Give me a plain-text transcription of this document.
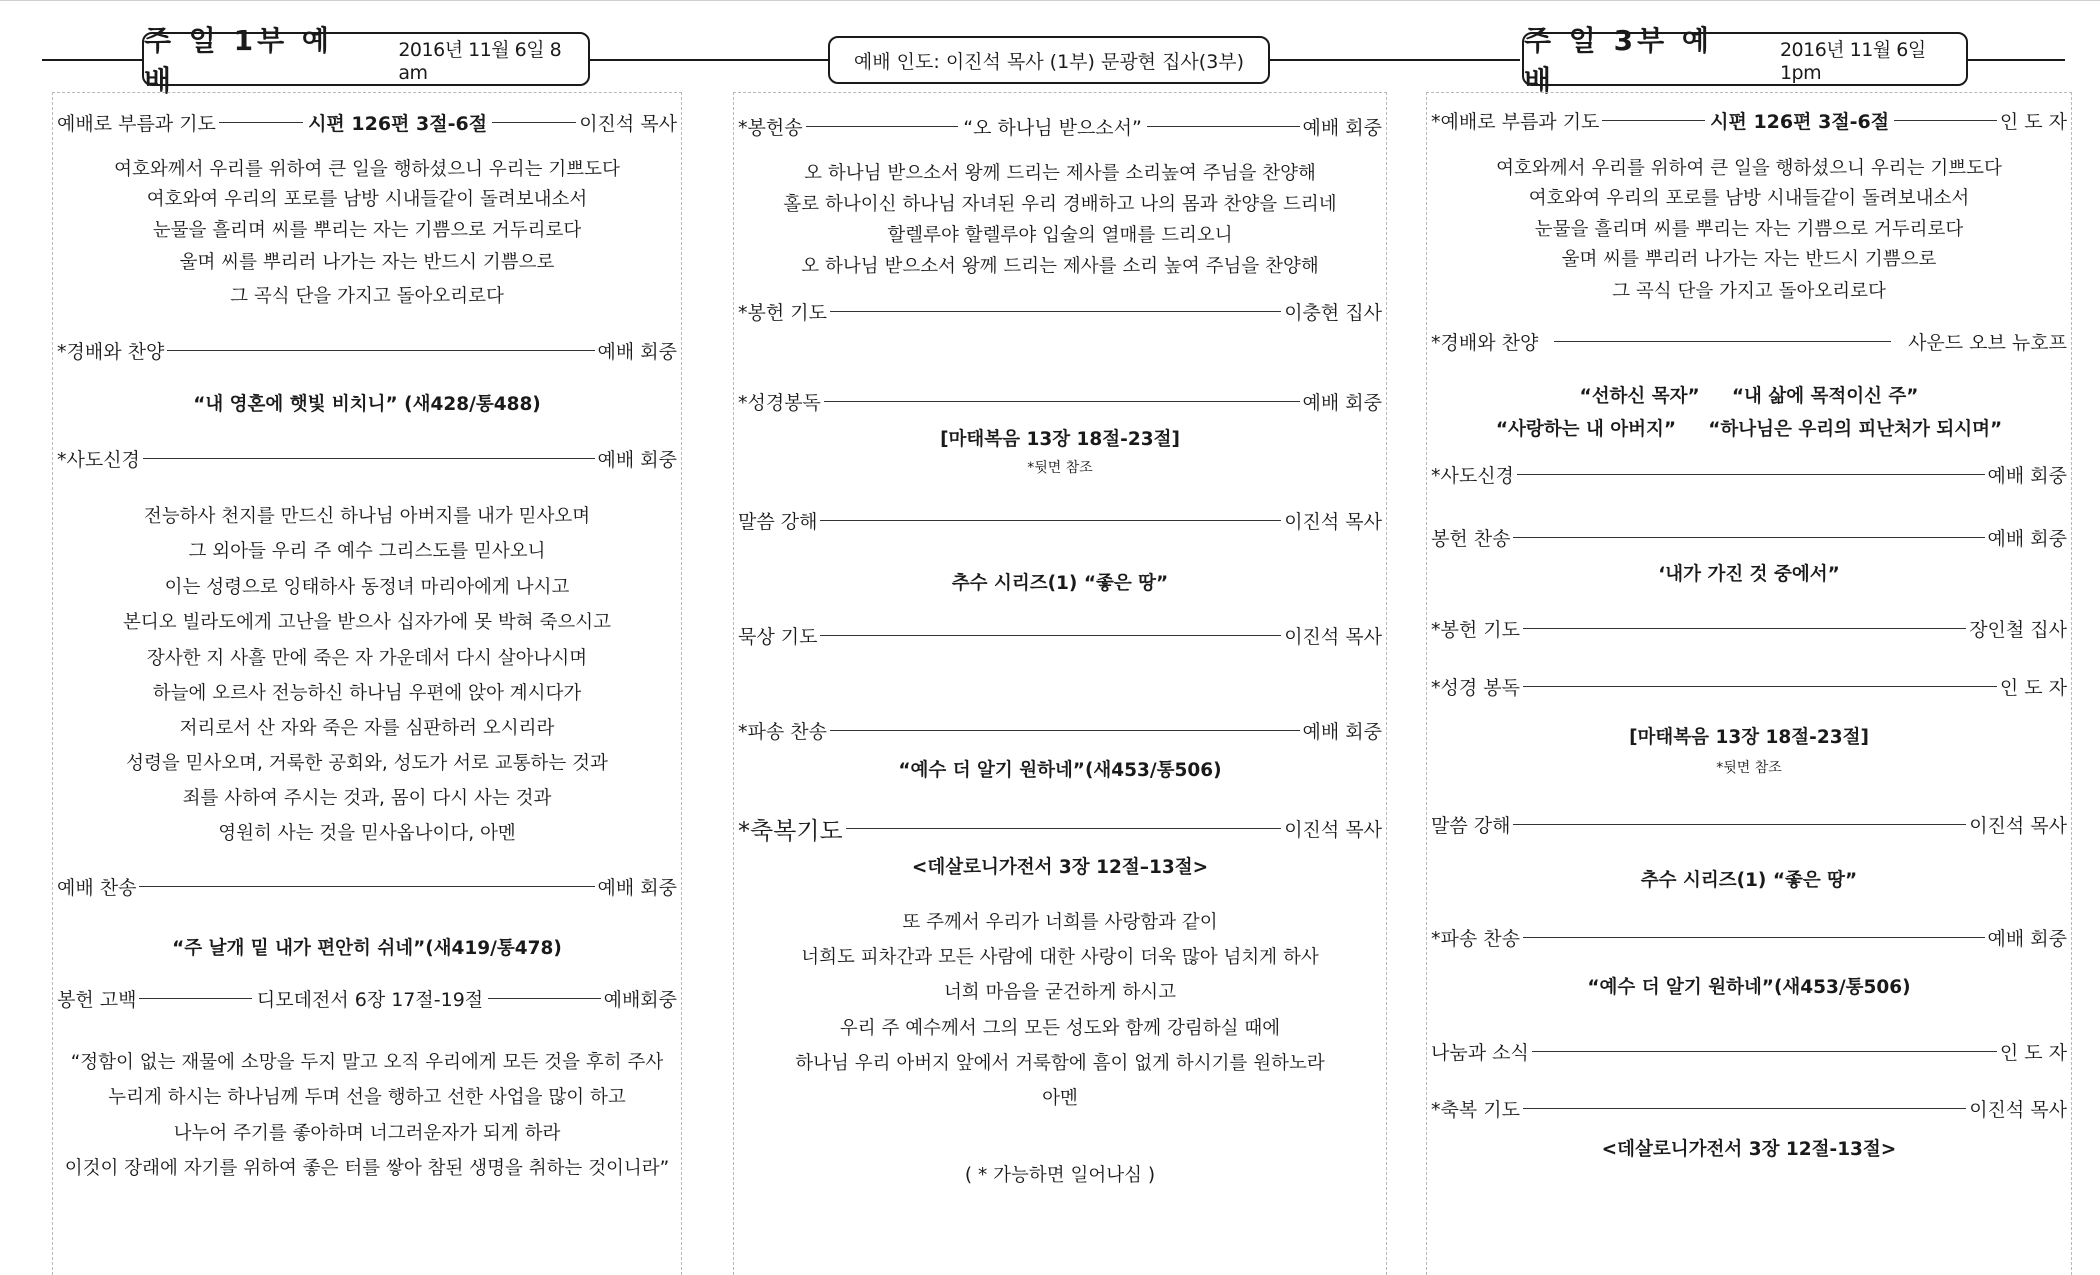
주 일 1부 예 배
2016년 11월 6일 8 am	예배 인도: 이진석 목사 (1부) 문광현 집사(3부)
주 일 3부 예 배
2016년 11월 6일 1pm
예배로 부름과 기도	시편 126편 3절-6절	이진석 목사
여호와께서 우리를 위하여 큰 일을 행하셨으니 우리는 기쁘도다
여호와여 우리의 포로를 남방 시내들같이 돌려보내소서
눈물을 흘리며 씨를 뿌리는 자는 기쁨으로 거두리로다
울며 씨를 뿌리러 나가는 자는 반드시 기쁨으로
그 곡식 단을 가지고 돌아오리로다
*경배와 찬양	예배 회중
“내 영혼에 햇빛 비치니” (새428/통488)
*사도신경	예배 회중
전능하사 천지를 만드신 하나님 아버지를 내가 믿사오며
그 외아들 우리 주 예수 그리스도를 믿사오니
이는 성령으로 잉태하사 동정녀 마리아에게 나시고
본디오 빌라도에게 고난을 받으사 십자가에 못 박혀 죽으시고
장사한 지 사흘 만에 죽은 자 가운데서 다시 살아나시며
하늘에 오르사 전능하신 하나님 우편에 앉아 계시다가
저리로서 산 자와 죽은 자를 심판하러 오시리라
성령을 믿사오며, 거룩한 공회와, 성도가 서로 교통하는 것과
죄를 사하여 주시는 것과, 몸이 다시 사는 것과
영원히 사는 것을 믿사옵나이다, 아멘
예배 찬송	예배 회중
“주 날개 밑 내가 편안히 쉬네”(새419/통478)
봉헌 고백	디모데전서 6장 17절-19절	예배회중
“정함이 없는 재물에 소망을 두지 말고 오직 우리에게 모든 것을 후히 주사
누리게 하시는 하나님께 두며 선을 행하고 선한 사업을 많이 하고
나누어 주기를 좋아하며 너그러운자가 되게 하라
이것이 장래에 자기를 위하여 좋은 터를 쌓아 참된 생명을 취하는 것이니라”
*봉헌송	“오 하나님 받으소서”	예배 회중
오 하나님 받으소서 왕께 드리는 제사를 소리높여 주님을 찬양해
홀로 하나이신 하나님 자녀된 우리 경배하고 나의 몸과 찬양을 드리네
할렐루야 할렐루야 입술의 열매를 드리오니
오 하나님 받으소서 왕께 드리는 제사를 소리 높여 주님을 찬양해
*봉헌 기도	이충현 집사
*성경봉독	예배 회중
[마태복음 13장 18절-23절]
*뒷면 참조
말씀 강해	이진석 목사
추수 시리즈(1) “좋은 땅”
묵상 기도	이진석 목사
*파송 찬송	예배 회중
“예수 더 알기 원하네”(새453/통506)
*축복기도	이진석 목사
<데살로니가전서 3장 12절–13절>
또 주께서 우리가 너희를 사랑함과 같이
너희도 피차간과 모든 사람에 대한 사랑이 더욱 많아 넘치게 하사
너희 마음을 굳건하게 하시고
우리 주 예수께서 그의 모든 성도와 함께 강림하실 때에
하나님 우리 아버지 앞에서 거룩함에 흠이 없게 하시기를 원하노라
아멘
( * 가능하면 일어나심 )
*예배로 부름과 기도	시편 126편 3절-6절	인 도 자
여호와께서 우리를 위하여 큰 일을 행하셨으니 우리는 기쁘도다
여호와여 우리의 포로를 남방 시내들같이 돌려보내소서
눈물을 흘리며 씨를 뿌리는 자는 기쁨으로 거두리로다
울며 씨를 뿌리러 나가는 자는 반드시 기쁨으로
그 곡식 단을 가지고 돌아오리로다
*경배와 찬양	사운드 오브 뉴호프
“선하신 목자”     “내 삶에 목적이신 주”
“사랑하는 내 아버지”     “하나님은 우리의 피난처가 되시며”
*사도신경	예배 회중
봉헌 찬송	예배 회중
‘내가 가진 것 중에서”
*봉헌 기도	장인철 집사
*성경 봉독	인 도 자
[마태복음 13장 18절-23절]
*뒷면 참조
말씀 강해	이진석 목사
추수 시리즈(1) “좋은 땅”
*파송 찬송	예배 회중
“예수 더 알기 원하네”(새453/통506)
나눔과 소식	인 도 자
*축복 기도	이진석 목사
<데살로니가전서 3장 12절-13절>
